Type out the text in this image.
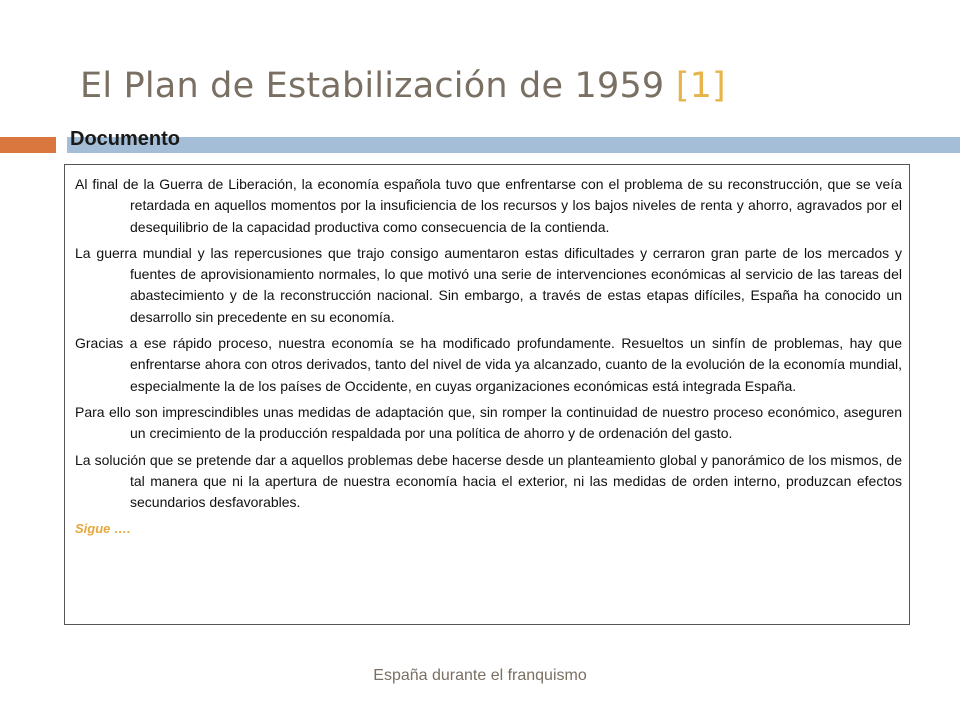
El Plan de Estabilización de 1959 [1]
Documento

Al final de la Guerra de Liberación, la economía española tuvo que enfrentarse con el problema de su reconstrucción, que se veía retardada en aquellos momentos por la insuficiencia de los recursos y los bajos niveles de renta y ahorro, agravados por el desequilibrio de la capacidad productiva como consecuencia de la contienda.

La guerra mundial y las repercusiones que trajo consigo aumentaron estas dificultades y cerraron gran parte de los mercados y fuentes de aprovisionamiento normales, lo que motivó una serie de intervenciones económicas al servicio de las tareas del abastecimiento y de la reconstrucción nacional. Sin embargo, a través de estas etapas difíciles, España ha conocido un desarrollo sin precedente en su economía.

Gracias a ese rápido proceso, nuestra economía se ha modificado profundamente. Resueltos un sinfín de problemas, hay que enfrentarse ahora con otros derivados, tanto del nivel de vida ya alcanzado, cuanto de la evolución de la economía mundial, especialmente la de los países de Occidente, en cuyas organizaciones económicas está integrada España.

Para ello son imprescindibles unas medidas de adaptación que, sin romper la continuidad de nuestro proceso económico, aseguren un crecimiento de la producción respaldada por una política de ahorro y de ordenación del gasto.

La solución que se pretende dar a aquellos problemas debe hacerse desde un planteamiento global y panorámico de los mismos, de tal manera que ni la apertura de nuestra economía hacia el exterior, ni las medidas de orden interno, produzcan efectos secundarios desfavorables.

Sigue ….

España durante el franquismo
